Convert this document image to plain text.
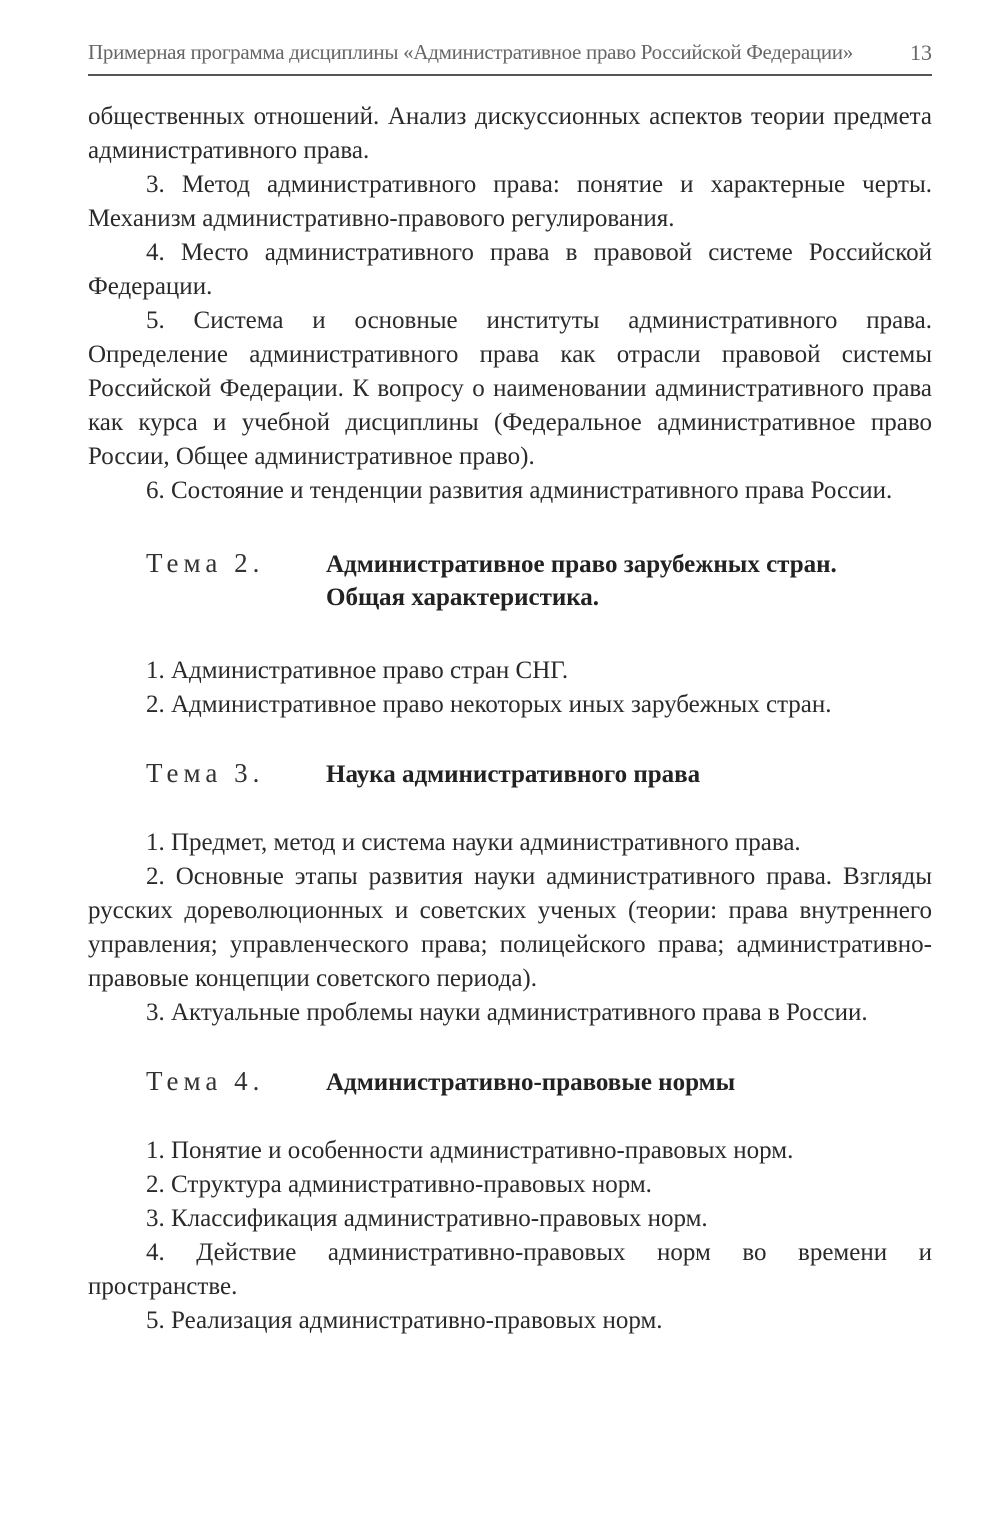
Примерная программа дисциплины «Административное право Российской Федерации»	13

общественных отношений. Анализ дискуссионных аспектов теории предмета административного права.

3. Метод административного права: понятие и характерные черты. Механизм административно-правового регулирования.

4. Место административного права в правовой системе Российской Федерации.

5. Система и основные институты административного права. Определение административного права как отрасли правовой системы Российской Федерации. К вопросу о наименовании административного права как курса и учебной дисциплины (Федеральное административное право России, Общее административное право).

6. Состояние и тенденции развития административного права России.

Тема 2. Административное право зарубежных стран. Общая характеристика.

1. Административное право стран СНГ.

2. Административное право некоторых иных зарубежных стран.

Тема 3. Наука административного права

1. Предмет, метод и система науки административного права.

2. Основные этапы развития науки административного права. Взгляды русских дореволюционных и советских ученых (теории: права внутреннего управления; управленческого права; полицейского права; административно-правовые концепции советского периода).

3. Актуальные проблемы науки административного права в России.

Тема 4. Административно-правовые нормы

1. Понятие и особенности административно-правовых норм.

2. Структура административно-правовых норм.

3. Классификация административно-правовых норм.

4. Действие административно-правовых норм во времени и пространстве.

5. Реализация административно-правовых норм.
